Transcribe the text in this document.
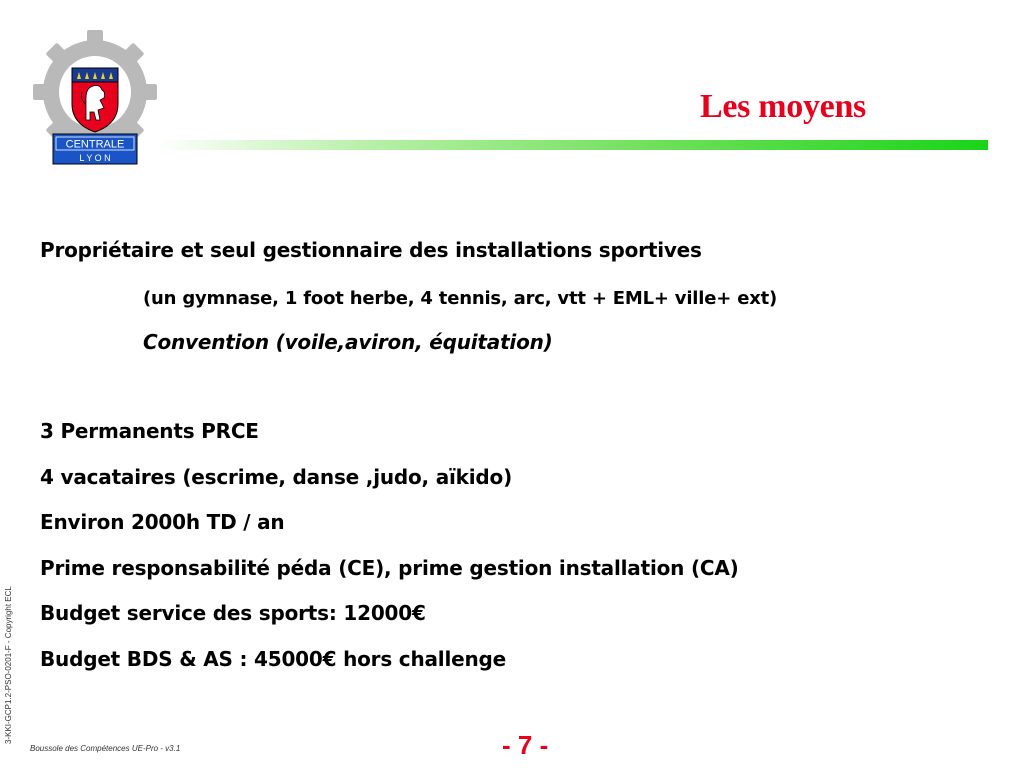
CENTRALE
L Y O N
Les moyens
Propriétaire et seul gestionnaire des installations sportives
(un gymnase, 1 foot herbe, 4 tennis, arc, vtt + EML+ ville+ ext)
Convention (voile,aviron, équitation)
3 Permanents PRCE
4 vacataires (escrime, danse ,judo, aïkido)
Environ 2000h TD / an
Prime responsabilité péda (CE), prime gestion installation (CA)
Budget service des sports: 12000€
Budget BDS & AS : 45000€ hors challenge
3-KKI-GCP1.2-PSO-0201-F - Copyright ECL
Boussole des Compétences UE-Pro - v3.1	- 7 -
